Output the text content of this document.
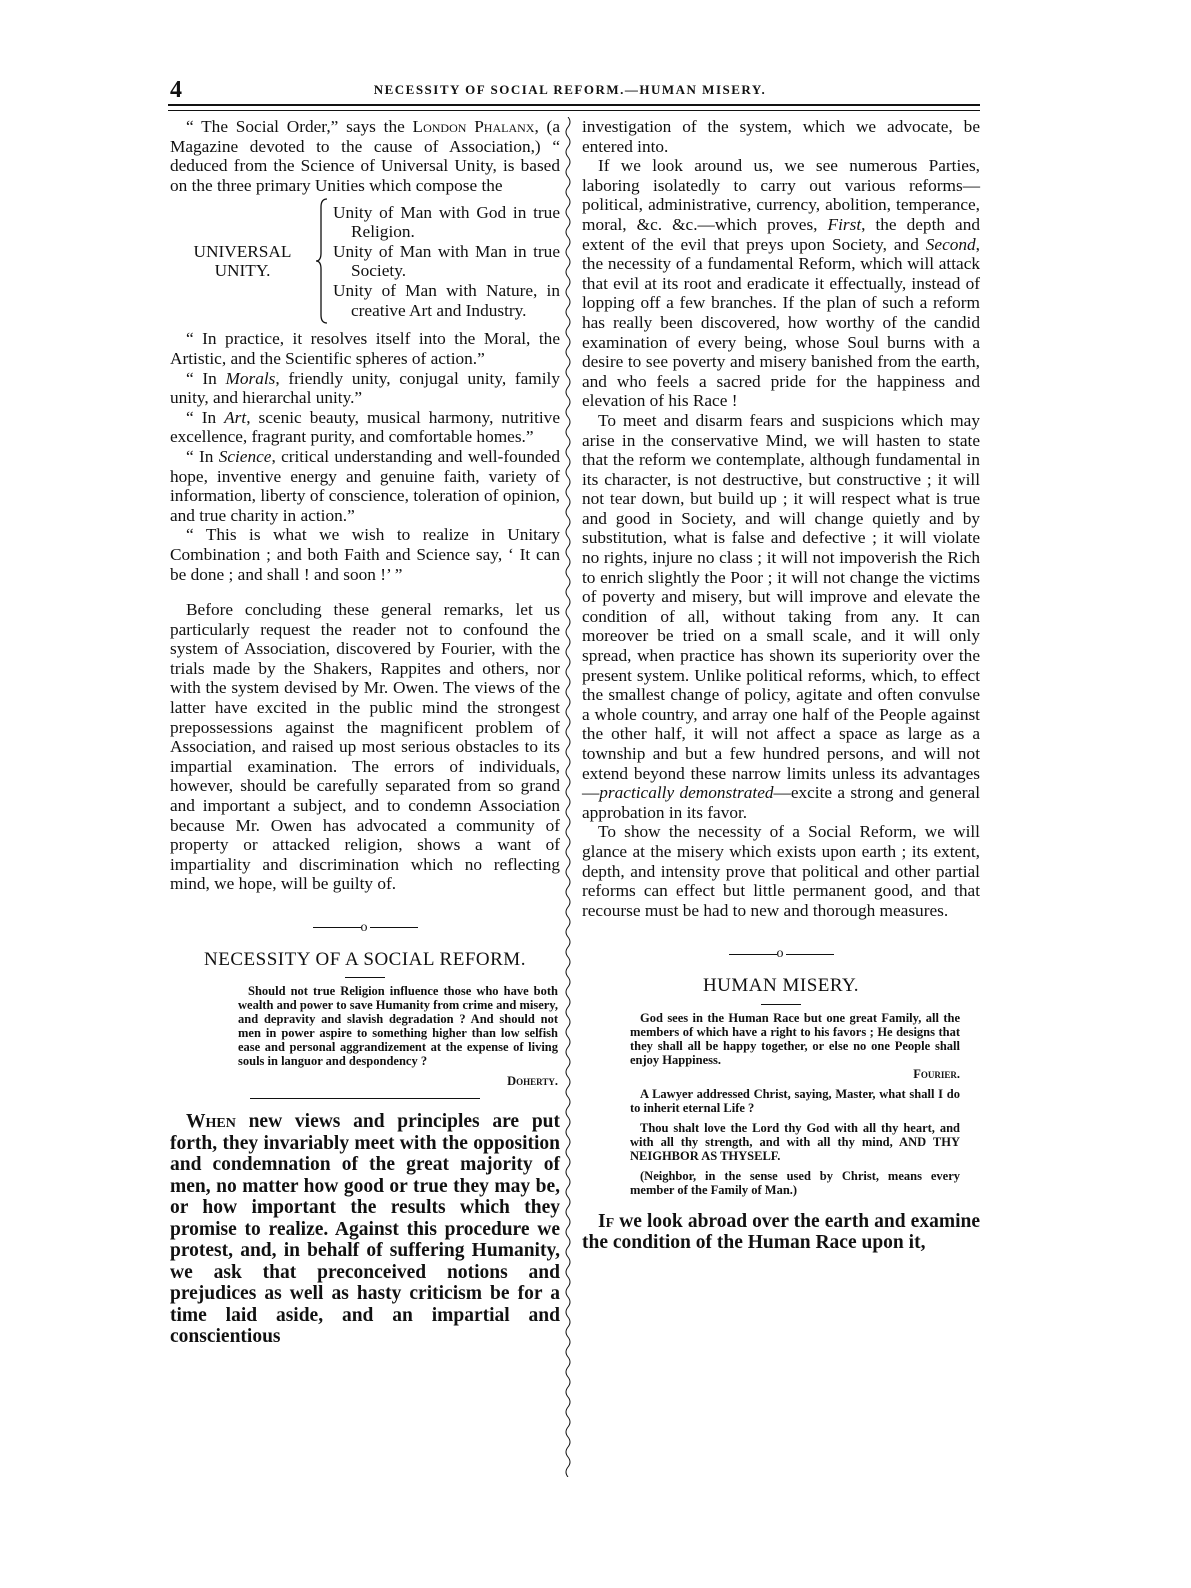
4	NECESSITY OF SOCIAL REFORM.—HUMAN MISERY.

“ The Social Order,” says the London Phalanx, (a Magazine devoted to the cause of Association,) “ deduced from the Science of Universal Unity, is based on the three primary Unities which compose the

UNIVERSAL UNITY.
Unity of Man with God in true Religion.
Unity of Man with Man in true Society.
Unity of Man with Nature, in creative Art and Industry.

“ In practice, it resolves itself into the Moral, the Artistic, and the Scientific spheres of action.”

“ In Morals, friendly unity, conjugal unity, family unity, and hierarchal unity.”

“ In Art, scenic beauty, musical harmony, nutritive excellence, fragrant purity, and comfortable homes.”

“ In Science, critical understanding and well-founded hope, inventive energy and genuine faith, variety of information, liberty of conscience, toleration of opinion, and true charity in action.”

“ This is what we wish to realize in Unitary Combination ; and both Faith and Science say, ‘ It can be done ; and shall ! and soon !’ ”

Before concluding these general remarks, let us particularly request the reader not to confound the system of Association, discovered by Fourier, with the trials made by the Shakers, Rappites and others, nor with the system devised by Mr. Owen. The views of the latter have excited in the public mind the strongest prepossessions against the magnificent problem of Association, and raised up most serious obstacles to its impartial examination. The errors of individuals, however, should be carefully separated from so grand and important a subject, and to condemn Association because Mr. Owen has advocated a community of property or attacked religion, shows a want of impartiality and discrimination which no reflecting mind, we hope, will be guilty of.

o
NECESSITY OF A SOCIAL REFORM.

Should not true Religion influence those who have both wealth and power to save Humanity from crime and misery, and depravity and slavish degradation ? And should not men in power aspire to something higher than low selfish ease and personal aggrandizement at the expense of living souls in languor and despondency ?

Doherty.

When new views and principles are put forth, they invariably meet with the opposition and condemnation of the great majority of men, no matter how good or true they may be, or how important the results which they promise to realize. Against this procedure we protest, and, in behalf of suffering Humanity, we ask that preconceived notions and prejudices as well as hasty criticism be for a time laid aside, and an impartial and conscientious

investigation of the system, which we advocate, be entered into.

If we look around us, we see numerous Parties, laboring isolatedly to carry out various reforms—political, administrative, currency, abolition, temperance, moral, &c. &c.—which proves, First, the depth and extent of the evil that preys upon Society, and Second, the necessity of a fundamental Reform, which will attack that evil at its root and eradicate it effectually, instead of lopping off a few branches. If the plan of such a reform has really been discovered, how worthy of the candid examination of every being, whose Soul burns with a desire to see poverty and misery banished from the earth, and who feels a sacred pride for the happiness and elevation of his Race !

To meet and disarm fears and suspicions which may arise in the conservative Mind, we will hasten to state that the reform we contemplate, although fundamental in its character, is not destructive, but constructive ; it will not tear down, but build up ; it will respect what is true and good in Society, and will change quietly and by substitution, what is false and defective ; it will violate no rights, injure no class ; it will not impoverish the Rich to enrich slightly the Poor ; it will not change the victims of poverty and misery, but will improve and elevate the condition of all, without taking from any. It can moreover be tried on a small scale, and it will only spread, when practice has shown its superiority over the present system. Unlike political reforms, which, to effect the smallest change of policy, agitate and often convulse a whole country, and array one half of the People against the other half, it will not affect a space as large as a township and but a few hundred persons, and will not extend beyond these narrow limits unless its advantages—practically demonstrated—excite a strong and general approbation in its favor.

To show the necessity of a Social Reform, we will glance at the misery which exists upon earth ; its extent, depth, and intensity prove that political and other partial reforms can effect but little permanent good, and that recourse must be had to new and thorough measures.

o
HUMAN MISERY.

God sees in the Human Race but one great Family, all the members of which have a right to his favors ; He designs that they shall all be happy together, or else no one People shall enjoy Happiness.

Fourier.

A Lawyer addressed Christ, saying, Master, what shall I do to inherit eternal Life ?

Thou shalt love the Lord thy God with all thy heart, and with all thy strength, and with all thy mind, AND THY NEIGHBOR AS THYSELF.

(Neighbor, in the sense used by Christ, means every member of the Family of Man.)

If we look abroad over the earth and examine the condition of the Human Race upon it,
